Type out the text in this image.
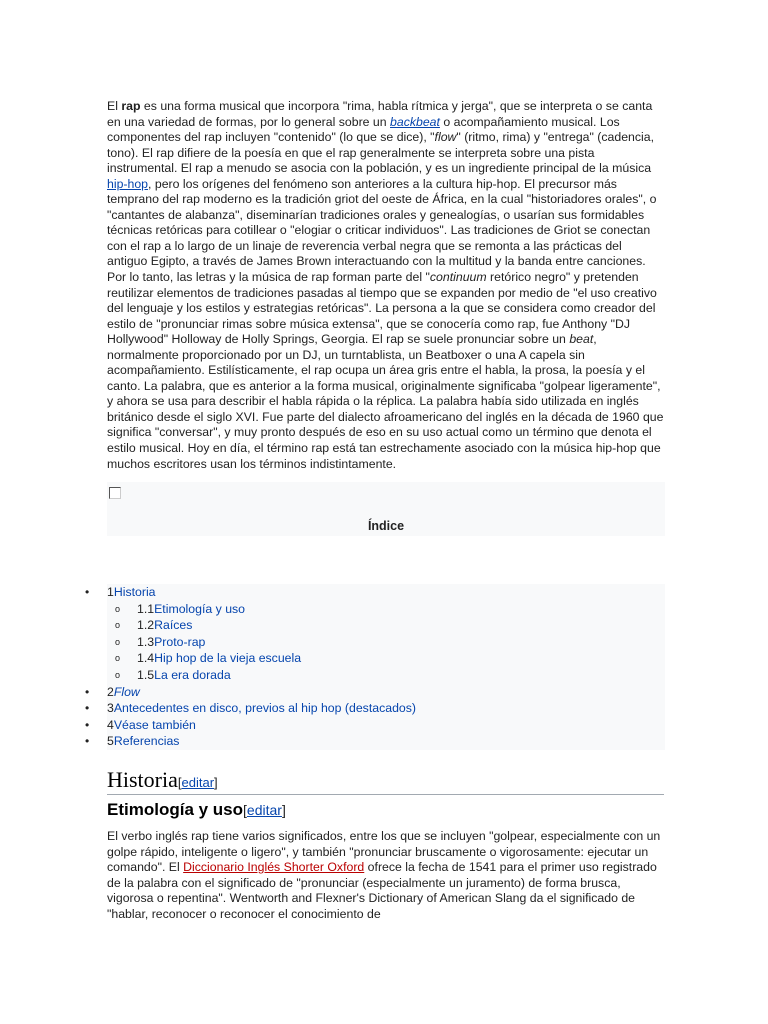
El rap es una forma musical que incorpora "rima, habla rítmica y jerga", que se interpreta o se canta en una variedad de formas, por lo general sobre un backbeat o acompañamiento musical. Los componentes del rap incluyen "contenido" (lo que se dice), "flow" (ritmo, rima) y "entrega" (cadencia, tono). El rap difiere de la poesía en que el rap generalmente se interpreta sobre una pista instrumental. El rap a menudo se asocia con la población, y es un ingrediente principal de la música hip-hop, pero los orígenes del fenómeno son anteriores a la cultura hip-hop. El precursor más temprano del rap moderno es la tradición griot del oeste de África, en la cual "historiadores orales", o "cantantes de alabanza", diseminarían tradiciones orales y genealogías, o usarían sus formidables técnicas retóricas para cotillear o "elogiar o criticar individuos". Las tradiciones de Griot se conectan con el rap a lo largo de un linaje de reverencia verbal negra que se remonta a las prácticas del antiguo Egipto, a través de James Brown interactuando con la multitud y la banda entre canciones. Por lo tanto, las letras y la música de rap forman parte del "continuum retórico negro" y pretenden reutilizar elementos de tradiciones pasadas al tiempo que se expanden por medio de "el uso creativo del lenguaje y los estilos y estrategias retóricas". La persona a la que se considera como creador del estilo de "pronunciar rimas sobre música extensa", que se conocería como rap, fue Anthony "DJ Hollywood" Holloway de Holly Springs, Georgia. El rap se suele pronunciar sobre un beat, normalmente proporcionado por un DJ, un turntablista, un Beatboxer o una A capela sin acompañamiento. Estilísticamente, el rap ocupa un área gris entre el habla, la prosa, la poesía y el canto. La palabra, que es anterior a la forma musical, originalmente significaba "golpear ligeramente", y ahora se usa para describir el habla rápida o la réplica. La palabra había sido utilizada en inglés británico desde el siglo XVI. Fue parte del dialecto afroamericano del inglés en la década de 1960 que significa "conversar", y muy pronto después de eso en su uso actual como un término que denota el estilo musical. Hoy en día, el término rap está tan estrechamente asociado con la música hip-hop que muchos escritores usan los términos indistintamente.

Índice
• 1Historia
o 1.1Etimología y uso
o 1.2Raíces
o 1.3Proto-rap
o 1.4Hip hop de la vieja escuela
o 1.5La era dorada
• 2Flow
• 3Antecedentes en disco, previos al hip hop (destacados)
• 4Véase también
• 5Referencias
Historia[editar]
Etimología y uso[editar]

El verbo inglés rap tiene varios significados, entre los que se incluyen "golpear, especialmente con un golpe rápido, inteligente o ligero", y también "pronunciar bruscamente o vigorosamente: ejecutar un comando". El Diccionario Inglés Shorter Oxford ofrece la fecha de 1541 para el primer uso registrado de la palabra con el significado de "pronunciar (especialmente un juramento) de forma brusca, vigorosa o repentina". Wentworth and Flexner's Dictionary of American Slang da el significado de "hablar, reconocer o reconocer el conocimiento de
